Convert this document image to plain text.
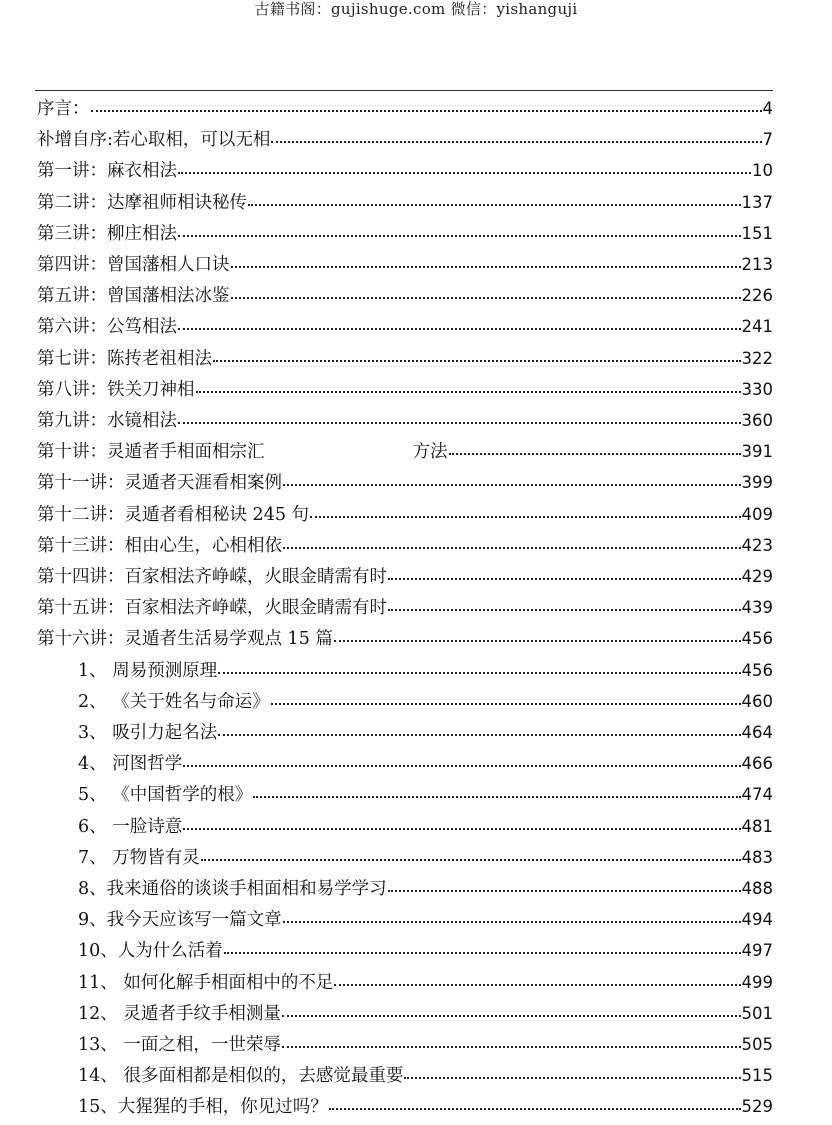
古籍书阁：gujishuge.com 微信：yishanguji
序言：	4
补增自序:若心取相，可以无相	7
第一讲：麻衣相法	10
第二讲：达摩祖师相诀秘传	137
第三讲：柳庄相法	151
第四讲：曾国藩相人口诀	213
第五讲：曾国藩相法冰鉴	226
第六讲：公笃相法	241
第七讲：陈抟老祖相法	322
第八讲：铁关刀神相	330
第九讲：水镜相法	360
第十讲：灵遁者手相面相宗汇	方法	391
第十一讲：灵遁者天涯看相案例	399
第十二讲：灵遁者看相秘诀 245 句	409
第十三讲：相由心生，心相相依	423
第十四讲：百家相法齐峥嵘，火眼金睛需有时	429
第十五讲：百家相法齐峥嵘，火眼金睛需有时	439
第十六讲：灵遁者生活易学观点 15 篇	456
1、 周易预测原理	456
2、 《关于姓名与命运》	460
3、 吸引力起名法	464
4、 河图哲学	466
5、 《中国哲学的根》	474
6、 一脸诗意	481
7、 万物皆有灵	483
8、我来通俗的谈谈手相面相和易学学习	488
9、我今天应该写一篇文章	494
10、人为什么活着	497
11、 如何化解手相面相中的不足	499
12、 灵遁者手纹手相测量	501
13、 一面之相，一世荣辱	505
14、 很多面相都是相似的，去感觉最重要	515
15、大猩猩的手相，你见过吗？	529
